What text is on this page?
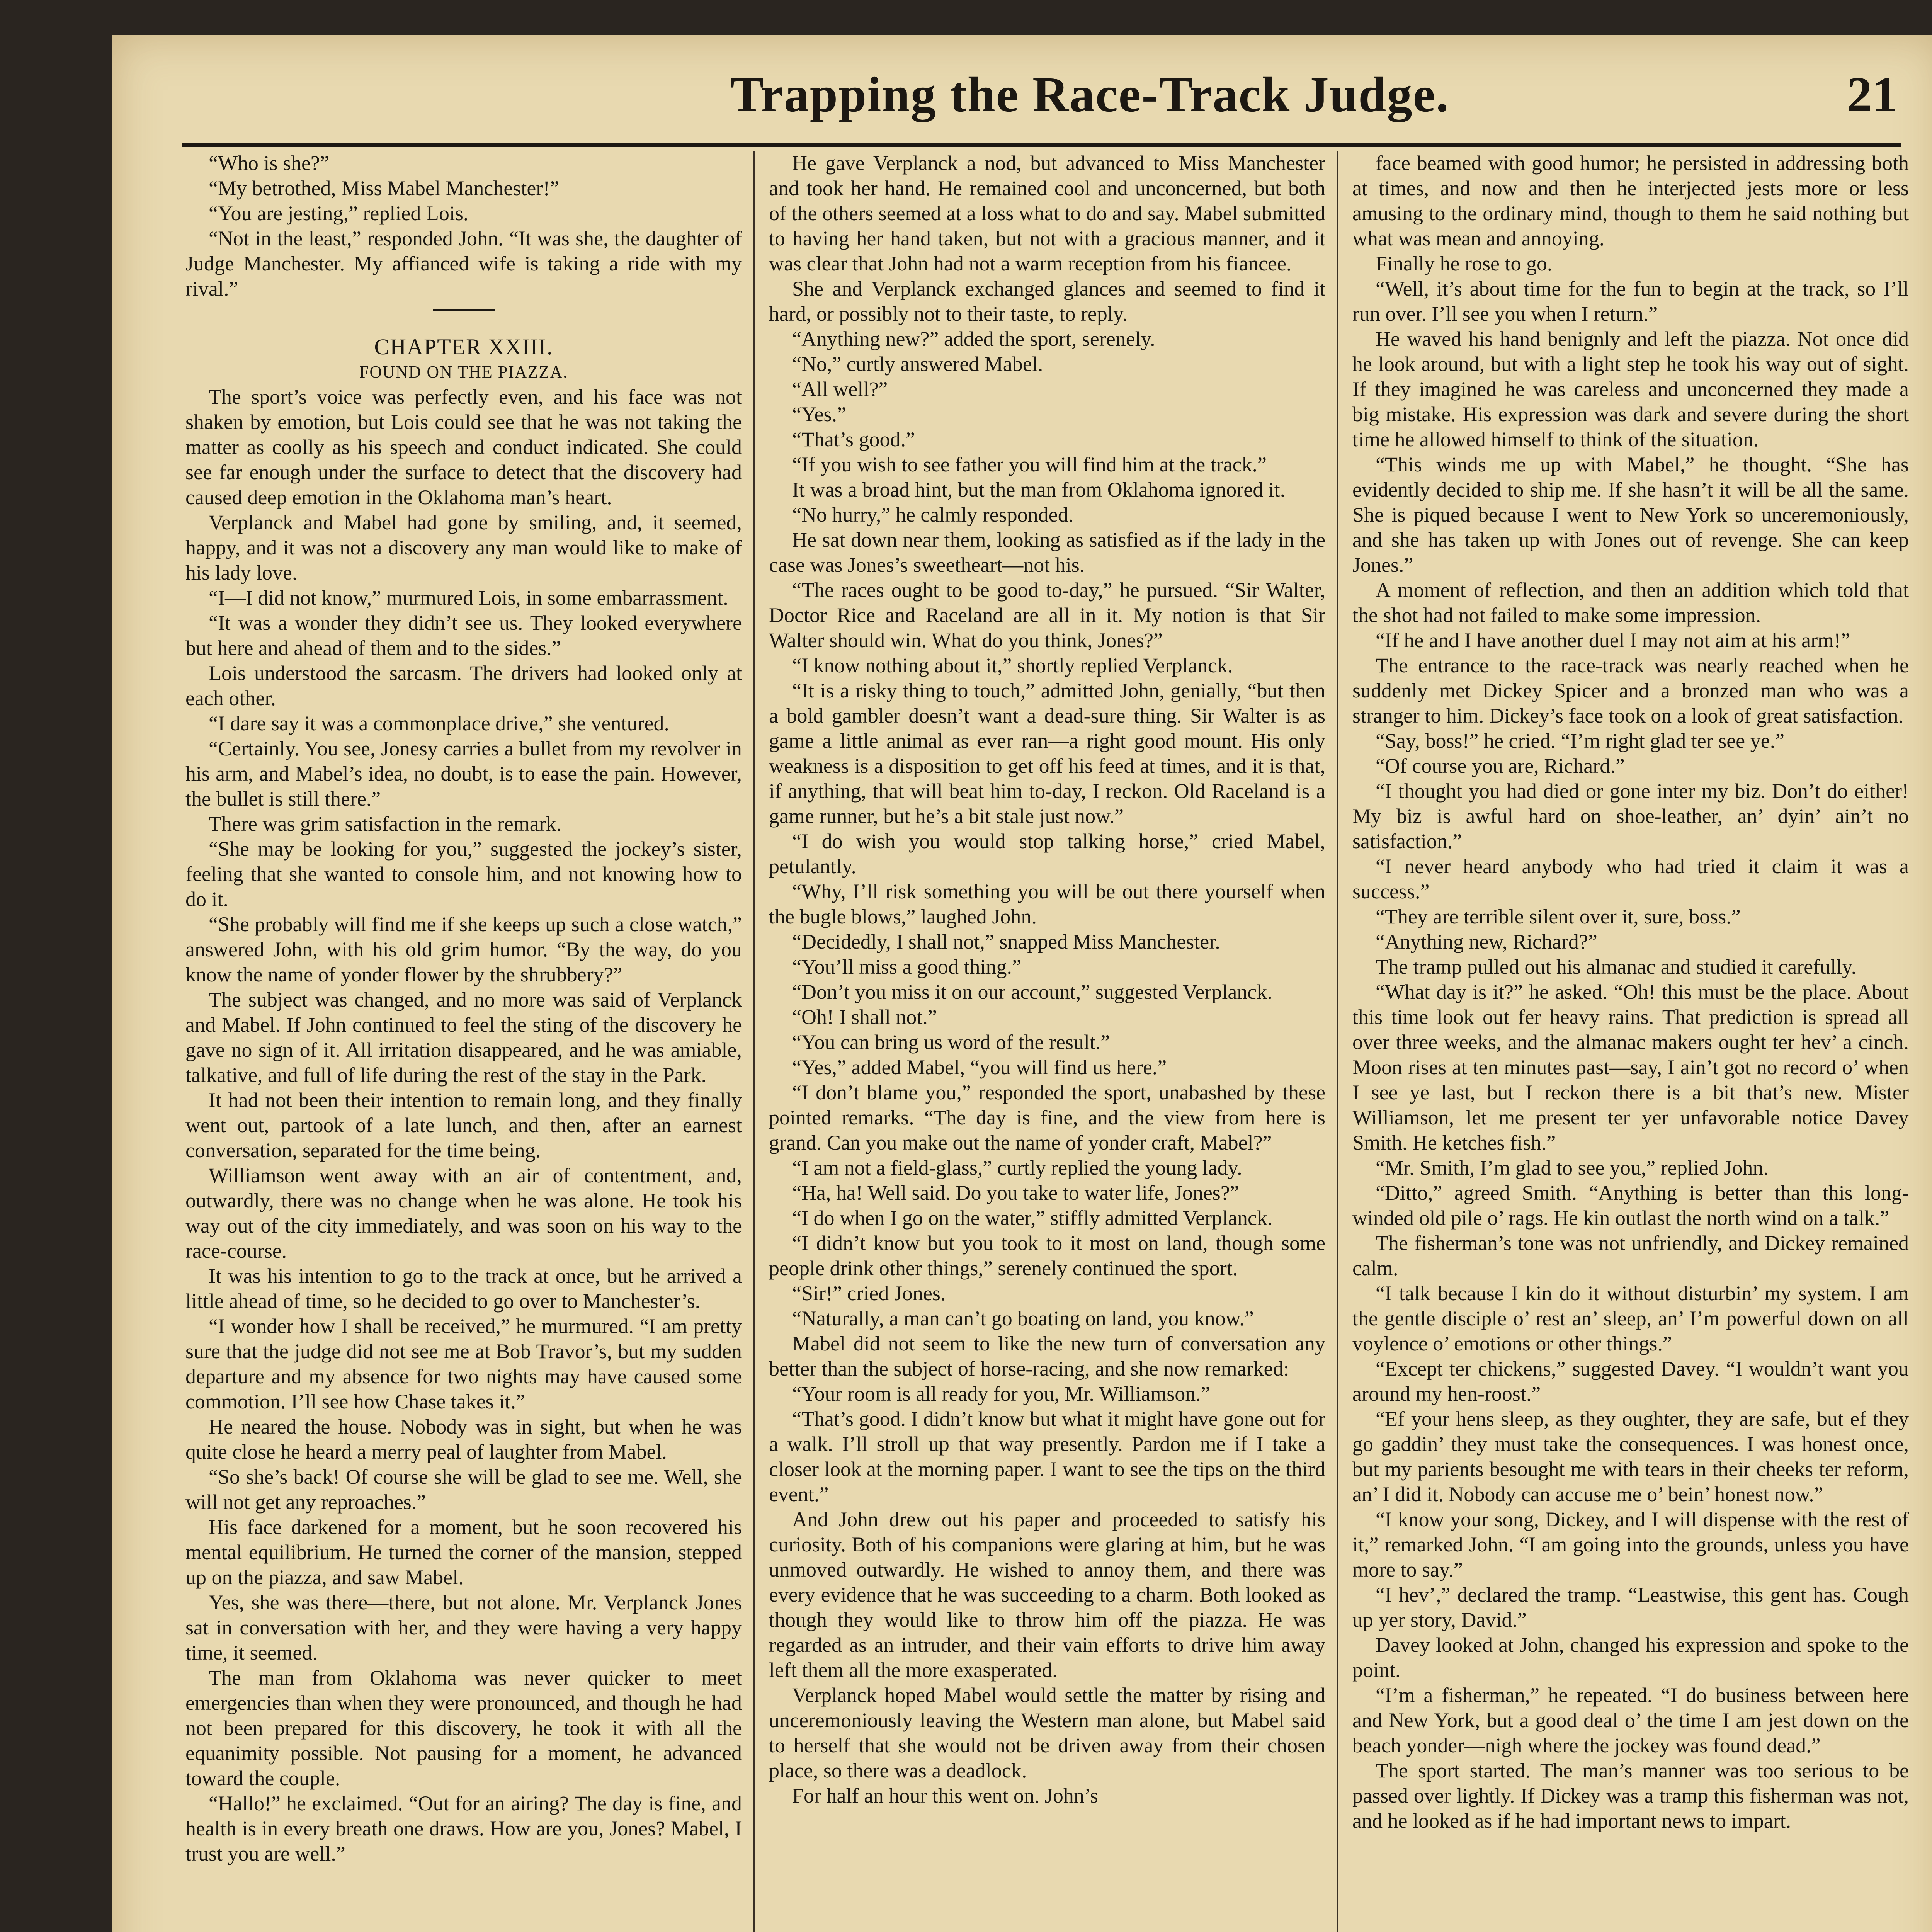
Trapping the Race-Track Judge.	21

“Who is she?”

“My betrothed, Miss Mabel Manchester!”

“You are jesting,” replied Lois.

“Not in the least,” responded John. “It was she, the daughter of Judge Manchester. My affianced wife is taking a ride with my rival.”

CHAPTER XXIII.

FOUND ON THE PIAZZA.

The sport’s voice was perfectly even, and his face was not shaken by emotion, but Lois could see that he was not taking the matter as coolly as his speech and conduct indicated. She could see far enough under the surface to detect that the discovery had caused deep emotion in the Oklahoma man’s heart.

Verplanck and Mabel had gone by smiling, and, it seemed, happy, and it was not a discovery any man would like to make of his lady love.

“I—I did not know,” murmured Lois, in some embarrassment.

“It was a wonder they didn’t see us. They looked everywhere but here and ahead of them and to the sides.”

Lois understood the sarcasm. The drivers had looked only at each other.

“I dare say it was a commonplace drive,” she ventured.

“Certainly. You see, Jonesy carries a bullet from my revolver in his arm, and Mabel’s idea, no doubt, is to ease the pain. However, the bullet is still there.”

There was grim satisfaction in the remark.

“She may be looking for you,” suggested the jockey’s sister, feeling that she wanted to console him, and not knowing how to do it.

“She probably will find me if she keeps up such a close watch,” answered John, with his old grim humor. “By the way, do you know the name of yonder flower by the shrubbery?”

The subject was changed, and no more was said of Verplanck and Mabel. If John continued to feel the sting of the discovery he gave no sign of it. All irritation disappeared, and he was amiable, talkative, and full of life during the rest of the stay in the Park.

It had not been their intention to remain long, and they finally went out, partook of a late lunch, and then, after an earnest conversation, separated for the time being.

Williamson went away with an air of contentment, and, outwardly, there was no change when he was alone. He took his way out of the city immediately, and was soon on his way to the race-course.

It was his intention to go to the track at once, but he arrived a little ahead of time, so he decided to go over to Manchester’s.

“I wonder how I shall be received,” he murmured. “I am pretty sure that the judge did not see me at Bob Travor’s, but my sudden departure and my absence for two nights may have caused some commotion. I’ll see how Chase takes it.”

He neared the house. Nobody was in sight, but when he was quite close he heard a merry peal of laughter from Mabel.

“So she’s back! Of course she will be glad to see me. Well, she will not get any reproaches.”

His face darkened for a moment, but he soon recovered his mental equilibrium. He turned the corner of the mansion, stepped up on the piazza, and saw Mabel.

Yes, she was there—there, but not alone. Mr. Verplanck Jones sat in conversation with her, and they were having a very happy time, it seemed.

The man from Oklahoma was never quicker to meet emergencies than when they were pronounced, and though he had not been prepared for this discovery, he took it with all the equanimity possible. Not pausing for a moment, he advanced toward the couple.

“Hallo!” he exclaimed. “Out for an airing? The day is fine, and health is in every breath one draws. How are you, Jones? Mabel, I trust you are well.”

He gave Verplanck a nod, but advanced to Miss Manchester and took her hand. He remained cool and unconcerned, but both of the others seemed at a loss what to do and say. Mabel submitted to having her hand taken, but not with a gracious manner, and it was clear that John had not a warm reception from his fiancee.

She and Verplanck exchanged glances and seemed to find it hard, or possibly not to their taste, to reply.

“Anything new?” added the sport, serenely.

“No,” curtly answered Mabel.

“All well?”

“Yes.”

“That’s good.”

“If you wish to see father you will find him at the track.”

It was a broad hint, but the man from Oklahoma ignored it.

“No hurry,” he calmly responded.

He sat down near them, looking as satisfied as if the lady in the case was Jones’s sweetheart—not his.

“The races ought to be good to-day,” he pursued. “Sir Walter, Doctor Rice and Raceland are all in it. My notion is that Sir Walter should win. What do you think, Jones?”

“I know nothing about it,” shortly replied Verplanck.

“It is a risky thing to touch,” admitted John, genially, “but then a bold gambler doesn’t want a dead-sure thing. Sir Walter is as game a little animal as ever ran—a right good mount. His only weakness is a disposition to get off his feed at times, and it is that, if anything, that will beat him to-day, I reckon. Old Raceland is a game runner, but he’s a bit stale just now.”

“I do wish you would stop talking horse,” cried Mabel, petulantly.

“Why, I’ll risk something you will be out there yourself when the bugle blows,” laughed John.

“Decidedly, I shall not,” snapped Miss Manchester.

“You’ll miss a good thing.”

“Don’t you miss it on our account,” suggested Verplanck.

“Oh! I shall not.”

“You can bring us word of the result.”

“Yes,” added Mabel, “you will find us here.”

“I don’t blame you,” responded the sport, unabashed by these pointed remarks. “The day is fine, and the view from here is grand. Can you make out the name of yonder craft, Mabel?”

“I am not a field-glass,” curtly replied the young lady.

“Ha, ha! Well said. Do you take to water life, Jones?”

“I do when I go on the water,” stiffly admitted Verplanck.

“I didn’t know but you took to it most on land, though some people drink other things,” serenely continued the sport.

“Sir!” cried Jones.

“Naturally, a man can’t go boating on land, you know.”

Mabel did not seem to like the new turn of conversation any better than the subject of horse-racing, and she now remarked:

“Your room is all ready for you, Mr. Williamson.”

“That’s good. I didn’t know but what it might have gone out for a walk. I’ll stroll up that way presently. Pardon me if I take a closer look at the morning paper. I want to see the tips on the third event.”

And John drew out his paper and proceeded to satisfy his curiosity. Both of his companions were glaring at him, but he was unmoved outwardly. He wished to annoy them, and there was every evidence that he was succeeding to a charm. Both looked as though they would like to throw him off the piazza. He was regarded as an intruder, and their vain efforts to drive him away left them all the more exasperated.

Verplanck hoped Mabel would settle the matter by rising and unceremoniously leaving the Western man alone, but Mabel said to herself that she would not be driven away from their chosen place, so there was a deadlock.

For half an hour this went on. John’s

face beamed with good humor; he persisted in addressing both at times, and now and then he interjected jests more or less amusing to the ordinary mind, though to them he said nothing but what was mean and annoying.

Finally he rose to go.

“Well, it’s about time for the fun to begin at the track, so I’ll run over. I’ll see you when I return.”

He waved his hand benignly and left the piazza. Not once did he look around, but with a light step he took his way out of sight. If they imagined he was careless and unconcerned they made a big mistake. His expression was dark and severe during the short time he allowed himself to think of the situation.

“This winds me up with Mabel,” he thought. “She has evidently decided to ship me. If she hasn’t it will be all the same. She is piqued because I went to New York so unceremoniously, and she has taken up with Jones out of revenge. She can keep Jones.”

A moment of reflection, and then an addition which told that the shot had not failed to make some impression.

“If he and I have another duel I may not aim at his arm!”

The entrance to the race-track was nearly reached when he suddenly met Dickey Spicer and a bronzed man who was a stranger to him. Dickey’s face took on a look of great satisfaction.

“Say, boss!” he cried. “I’m right glad ter see ye.”

“Of course you are, Richard.”

“I thought you had died or gone inter my biz. Don’t do either! My biz is awful hard on shoe-leather, an’ dyin’ ain’t no satisfaction.”

“I never heard anybody who had tried it claim it was a success.”

“They are terrible silent over it, sure, boss.”

“Anything new, Richard?”

The tramp pulled out his almanac and studied it carefully.

“What day is it?” he asked. “Oh! this must be the place. About this time look out fer heavy rains. That prediction is spread all over three weeks, and the almanac makers ought ter hev’ a cinch. Moon rises at ten minutes past—say, I ain’t got no record o’ when I see ye last, but I reckon there is a bit that’s new. Mister Williamson, let me present ter yer unfavorable notice Davey Smith. He ketches fish.”

“Mr. Smith, I’m glad to see you,” replied John.

“Ditto,” agreed Smith. “Anything is better than this long-winded old pile o’ rags. He kin outlast the north wind on a talk.”

The fisherman’s tone was not unfriendly, and Dickey remained calm.

“I talk because I kin do it without disturbin’ my system. I am the gentle disciple o’ rest an’ sleep, an’ I’m powerful down on all voylence o’ emotions or other things.”

“Except ter chickens,” suggested Davey. “I wouldn’t want you around my hen-roost.”

“Ef your hens sleep, as they oughter, they are safe, but ef they go gaddin’ they must take the consequences. I was honest once, but my parients besought me with tears in their cheeks ter reform, an’ I did it. Nobody can accuse me o’ bein’ honest now.”

“I know your song, Dickey, and I will dispense with the rest of it,” remarked John. “I am going into the grounds, unless you have more to say.”

“I hev’,” declared the tramp. “Leastwise, this gent has. Cough up yer story, David.”

Davey looked at John, changed his expression and spoke to the point.

“I’m a fisherman,” he repeated. “I do business between here and New York, but a good deal o’ the time I am jest down on the beach yonder—nigh where the jockey was found dead.”

The sport started. The man’s manner was too serious to be passed over lightly. If Dickey was a tramp this fisherman was not, and he looked as if he had important news to impart.
